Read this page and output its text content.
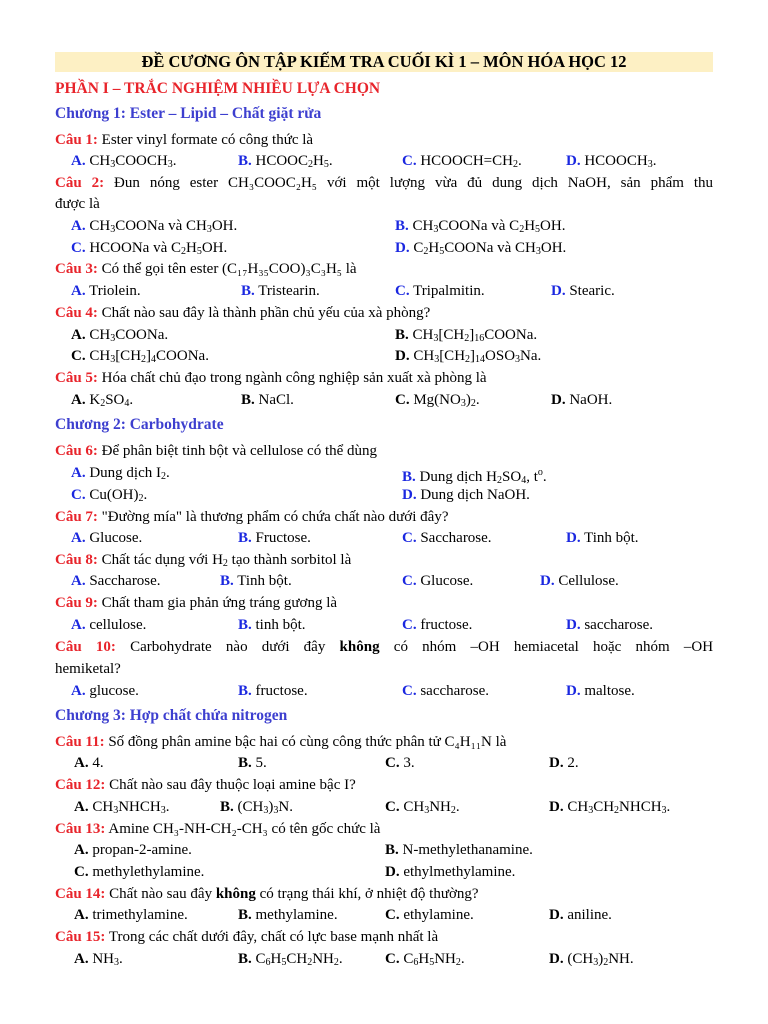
ĐỀ CƯƠNG ÔN TẬP KIẾM TRA CUỐI KÌ 1 – MÔN HÓA HỌC 12
PHẦN I – TRẮC NGHIỆM NHIỀU LỰA CHỌN
Chương 1: Ester – Lipid – Chất giặt rửa
Câu 1: Ester vinyl formate có công thức là
A. $CH_3COOCH_3$.	B. $HCOOC_2H_5$.	C. $HCOOCH=CH_2$.	D. $HCOOCH_3$.
Câu 2: Đun nóng ester CH₃COOC₂H₅ với một lượng vừa đủ dung dịch NaOH, sản phẩm thu
được là
A. $CH_3COONa$ và $CH_3OH$.	B. $CH_3COONa$ và $C_2H_5OH$.
C. HCOONa và $C_2H_5OH$.	D. $C_2H_5COONa$ và $CH_3OH$.
Câu 3: Có thể gọi tên ester (C₁₇H₃₅COO)₃C₃H₅ là
A. Triolein.	B. Tristearin.	C. Tripalmitin.	D. Stearic.
Câu 4: Chất nào sau đây là thành phần chủ yếu của xà phòng?
A. $CH_3COONa$.	B. $CH_3[CH_2]_{16}COONa$.
C. $CH_3[CH_2]_4COONa$.	D. $CH_3[CH_2]_{14}OSO_3Na$.
Câu 5: Hóa chất chủ đạo trong ngành công nghiệp sản xuất xà phòng là
A. $K_2SO_4$.	B. NaCl.	C. $Mg(NO_3)_2$.	D. NaOH.
Chương 2: Carbohydrate
Câu 6: Để phân biệt tinh bột và cellulose có thể dùng
A. Dung dịch $I_2$.	B. Dung dịch $H_2SO_4$, $t^o$.
C. $Cu(OH)_2$.	D. Dung dịch NaOH.
Câu 7: "Đường mía" là thương phẩm có chứa chất nào dưới đây?
A. Glucose.	B. Fructose.	C. Saccharose.	D. Tinh bột.
Câu 8: Chất tác dụng với $H_2$ tạo thành sorbitol là
A. Saccharose.	B. Tinh bột.	C. Glucose.	D. Cellulose.
Câu 9: Chất tham gia phản ứng tráng gương là
A. cellulose.	B. tinh bột.	C. fructose.	D. saccharose.
Câu 10: Carbohydrate nào dưới đây không có nhóm –OH hemiacetal hoặc nhóm –OH
hemiketal?
A. glucose.	B. fructose.	C. saccharose.	D. maltose.
Chương 3: Hợp chất chứa nitrogen
Câu 11: Số đồng phân amine bậc hai có cùng công thức phân tử C₄H₁₁N là
A. 4.	B. 5.	C. 3.	D. 2.
Câu 12: Chất nào sau đây thuộc loại amine bậc I?
A. $CH_3NHCH_3$.	B. $(CH_3)_3N$.	C. $CH_3NH_2$.	D. $CH_3CH_2NHCH_3$.
Câu 13: Amine CH₃-NH-CH₂-CH₃ có tên gốc chức là
A. propan-2-amine.	B. N-methylethanamine.
C. methylethylamine.	D. ethylmethylamine.
Câu 14: Chất nào sau đây không có trạng thái khí, ở nhiệt độ thường?
A. trimethylamine.	B. methylamine.	C. ethylamine.	D. aniline.
Câu 15: Trong các chất dưới đây, chất có lực base mạnh nhất là
A. $NH_3$.	B. $C_6H_5CH_2NH_2$.	C. $C_6H_5NH_2$.	D. $(CH_3)_2NH$.
